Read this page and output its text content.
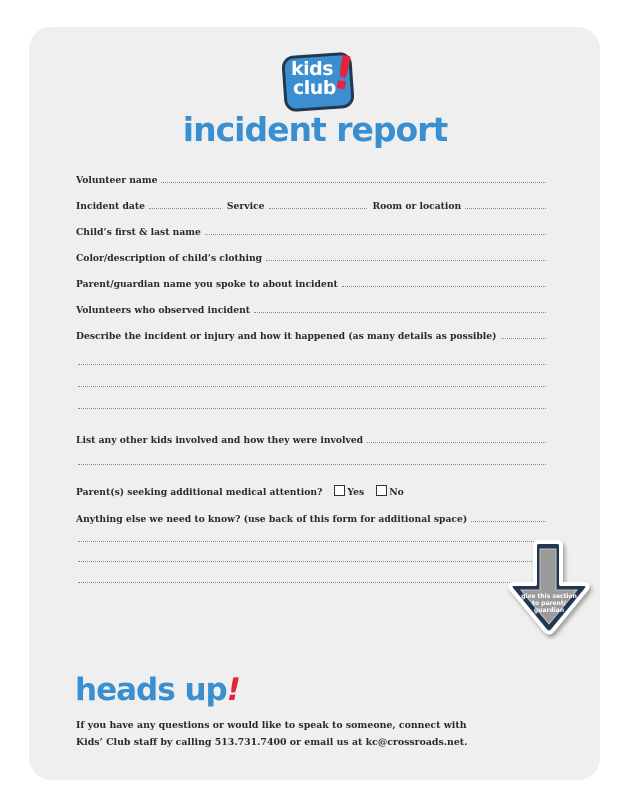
kids
club
!
incident report
Volunteer name
Incident date	Service	Room or location
Child’s first & last name
Color/description of child’s clothing
Parent/guardian name you spoke to about incident
Volunteers who observed incident
Describe the incident or injury and how it happened (as many details as possible)
List any other kids involved and how they were involved
Parent(s) seeking additional medical attention?	Yes	No
Anything else we need to know? (use back of this form for additional space)
give this section
to parent/
guardian
heads up!
If you have any questions or would like to speak to someone, connect with
Kids’ Club staff by calling 513.731.7400 or email us at kc@crossroads.net.
